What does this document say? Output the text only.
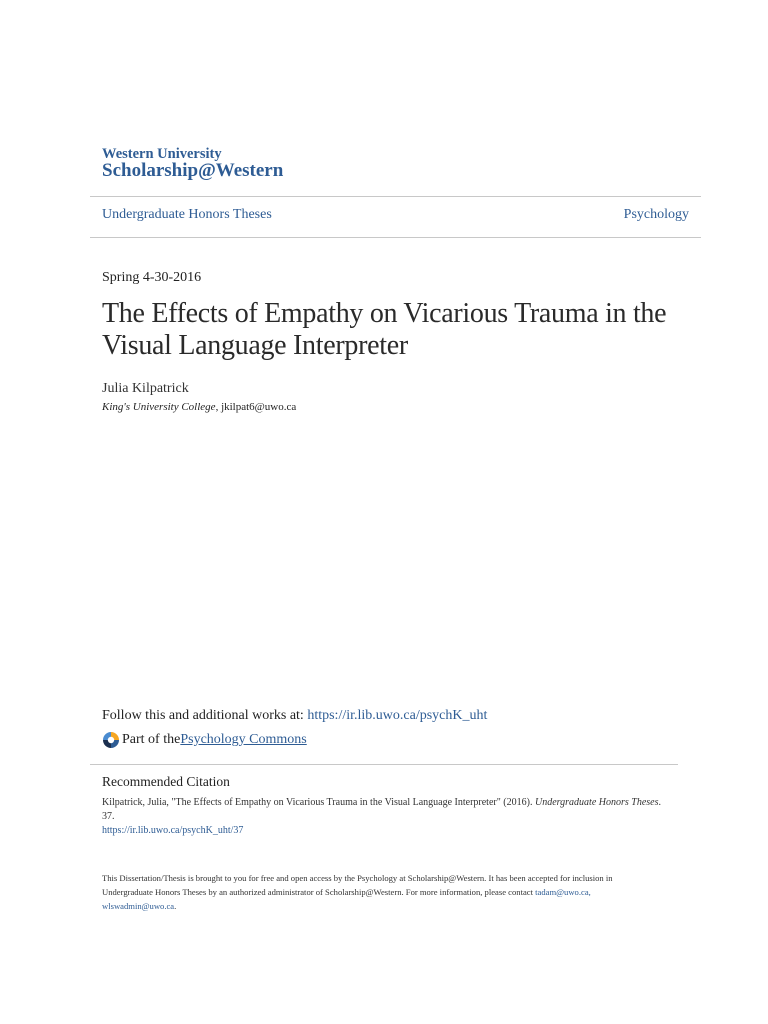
Western University
Scholarship@Western
Undergraduate Honors Theses	Psychology
Spring 4-30-2016
The Effects of Empathy on Vicarious Trauma in the Visual Language Interpreter
Julia Kilpatrick
King's University College, jkilpat6@uwo.ca
Follow this and additional works at: https://ir.lib.uwo.ca/psychK_uht
Part of the Psychology Commons
Recommended Citation
Kilpatrick, Julia, "The Effects of Empathy on Vicarious Trauma in the Visual Language Interpreter" (2016). Undergraduate Honors Theses. 37.
https://ir.lib.uwo.ca/psychK_uht/37
This Dissertation/Thesis is brought to you for free and open access by the Psychology at Scholarship@Western. It has been accepted for inclusion in Undergraduate Honors Theses by an authorized administrator of Scholarship@Western. For more information, please contact tadam@uwo.ca, wlswadmin@uwo.ca.
